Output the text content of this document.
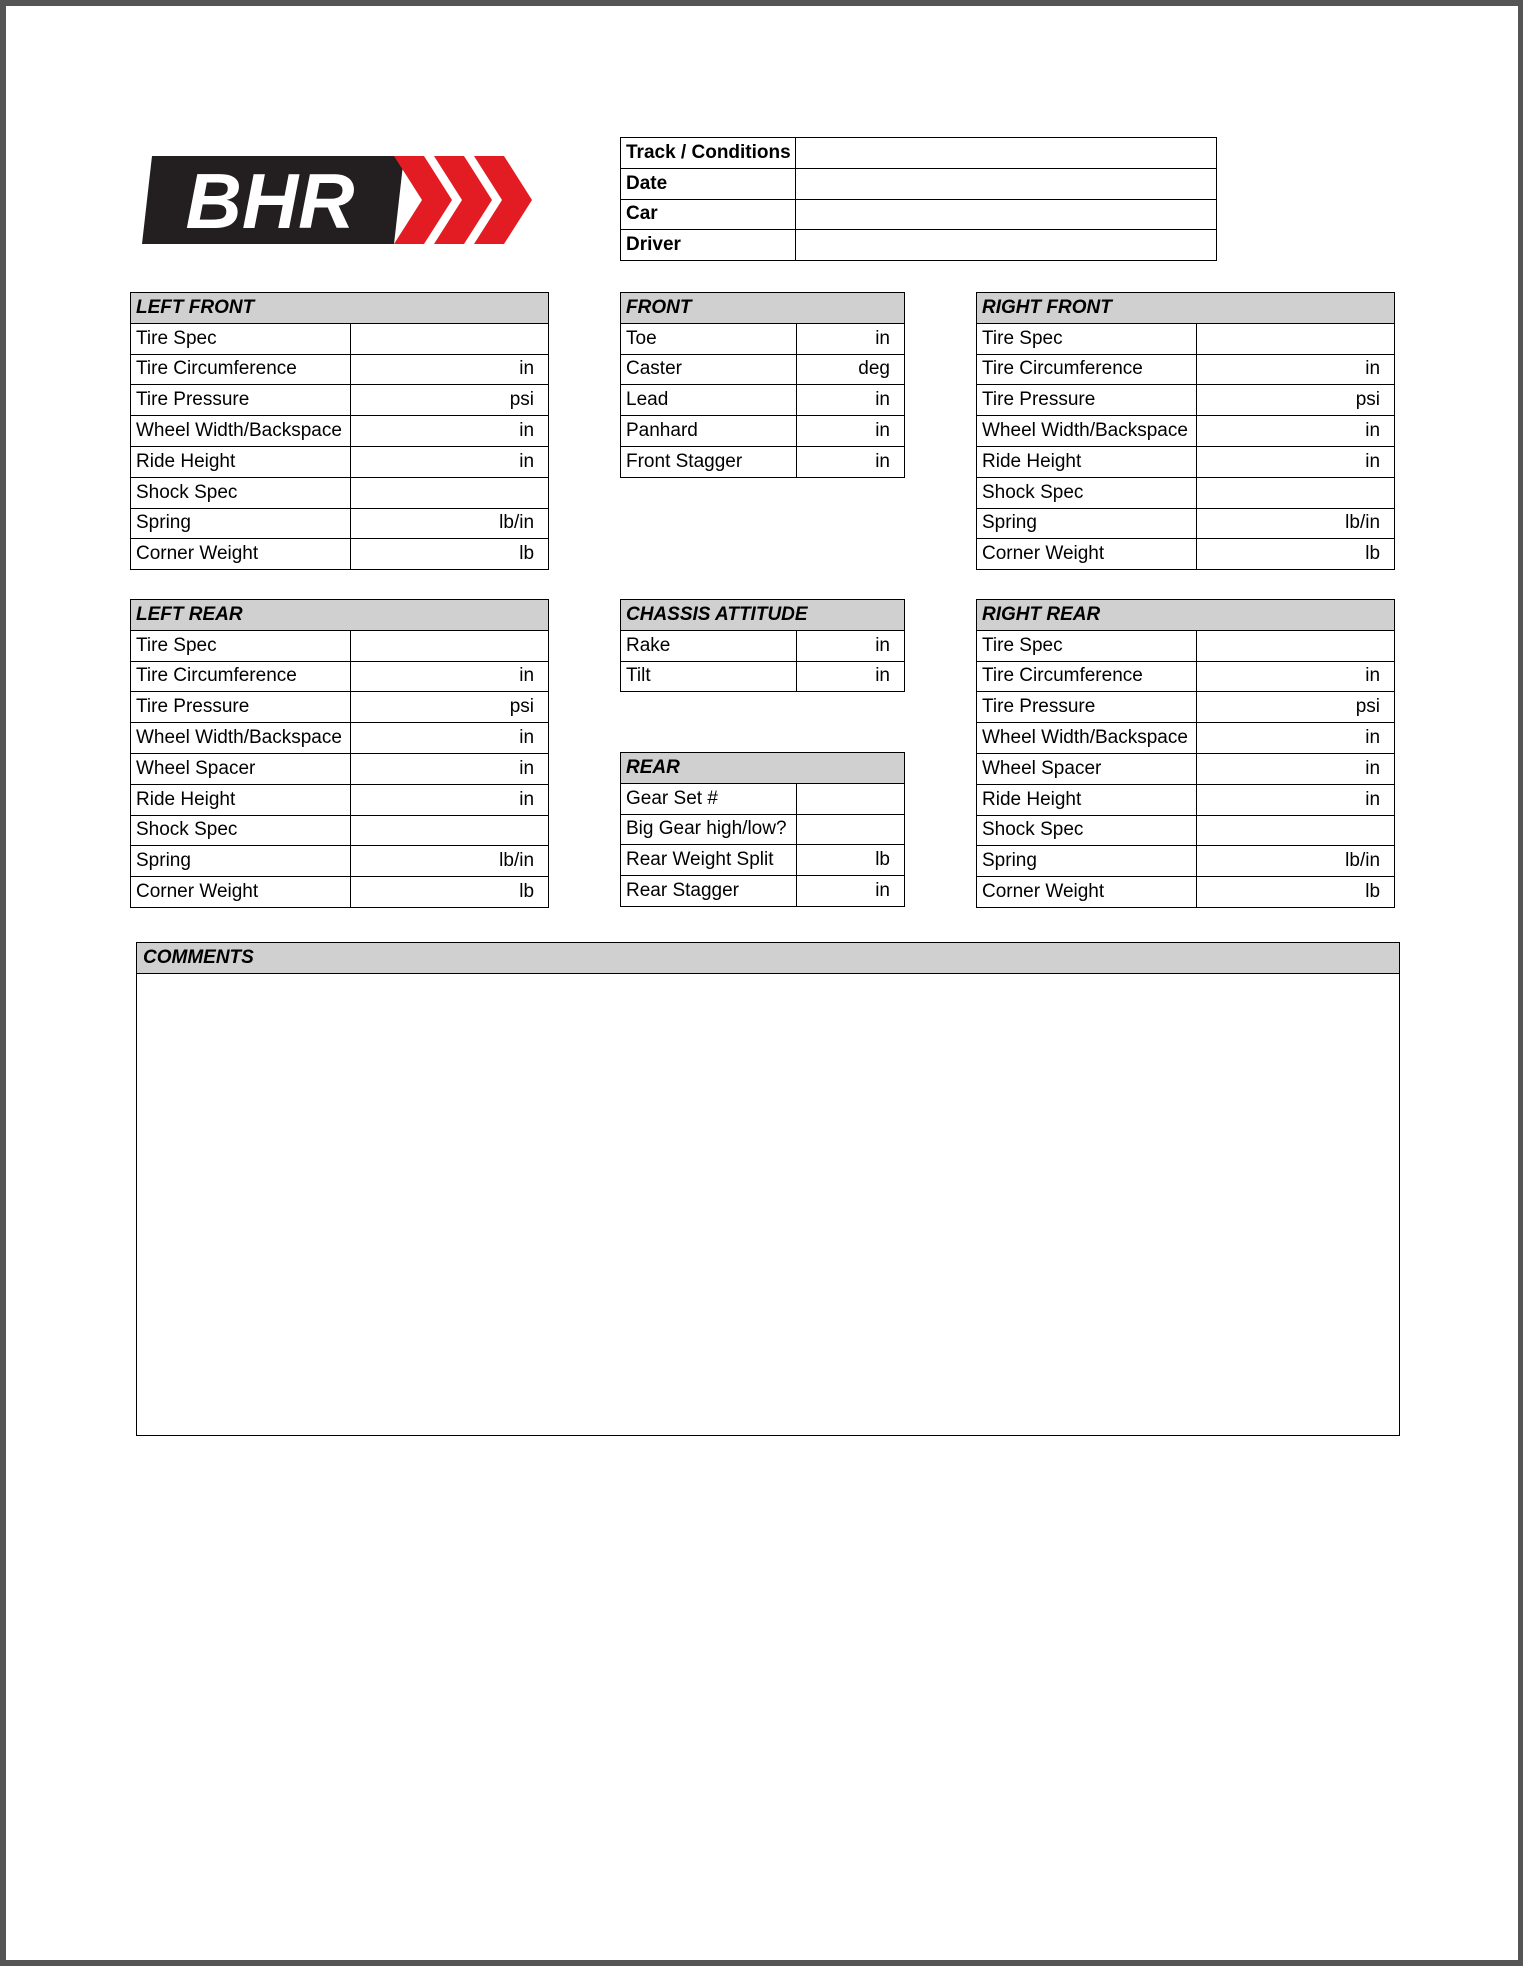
BHR
Track / Conditions	
Date	
Car	
Driver	
LEFT FRONT	
Tire Spec	
Tire Circumference	in
Tire Pressure	psi
Wheel Width/Backspace	in
Ride Height	in
Shock Spec	
Spring	lb/in
Corner Weight	lb
FRONT	
Toe	in
Caster	deg
Lead	in
Panhard	in
Front Stagger	in
RIGHT FRONT	
Tire Spec	
Tire Circumference	in
Tire Pressure	psi
Wheel Width/Backspace	in
Ride Height	in
Shock Spec	
Spring	lb/in
Corner Weight	lb
LEFT REAR	
Tire Spec	
Tire Circumference	in
Tire Pressure	psi
Wheel Width/Backspace	in
Wheel Spacer	in
Ride Height	in
Shock Spec	
Spring	lb/in
Corner Weight	lb
CHASSIS ATTITUDE	
Rake	in
Tilt	in
REAR	
Gear Set #	
Big Gear high/low?	
Rear Weight Split	lb
Rear Stagger	in
RIGHT REAR	
Tire Spec	
Tire Circumference	in
Tire Pressure	psi
Wheel Width/Backspace	in
Wheel Spacer	in
Ride Height	in
Shock Spec	
Spring	lb/in
Corner Weight	lb
COMMENTS
